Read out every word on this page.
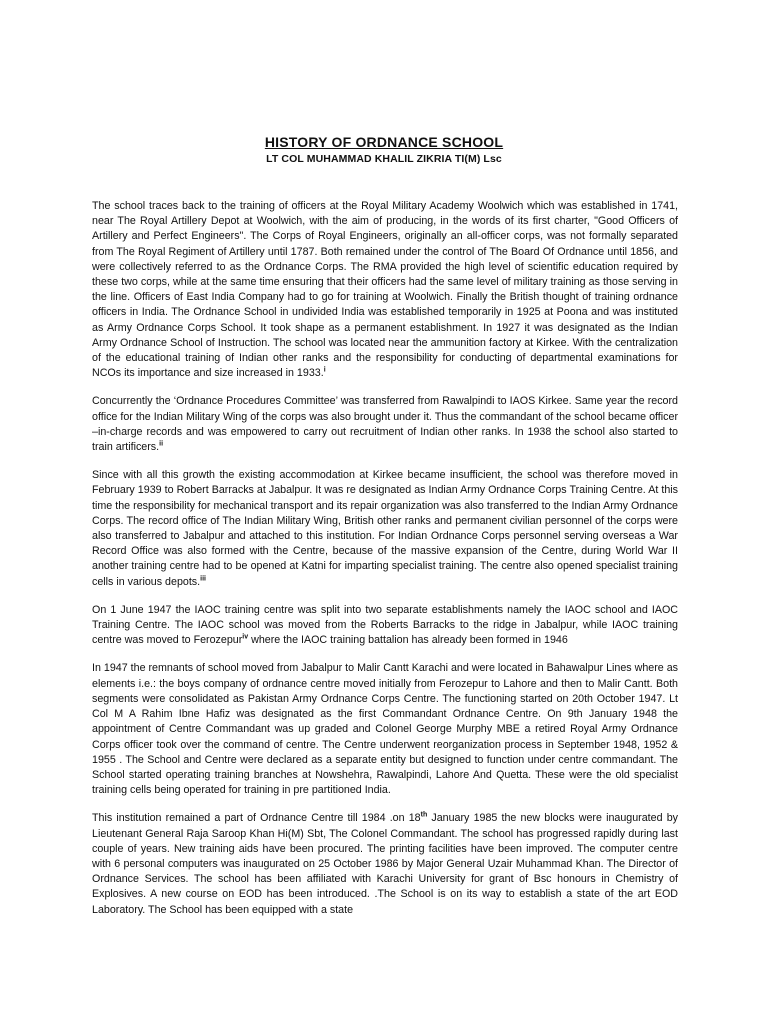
HISTORY OF ORDNANCE SCHOOL
LT COL MUHAMMAD KHALIL ZIKRIA TI(M) Lsc

The school traces back to the training of officers at the Royal Military Academy Woolwich which was established in 1741, near The Royal Artillery Depot at Woolwich, with the aim of producing, in the words of its first charter, "Good Officers of Artillery and Perfect Engineers". The Corps of Royal Engineers, originally an all-officer corps, was not formally separated from The Royal Regiment of Artillery until 1787. Both remained under the control of The Board Of Ordnance until 1856, and were collectively referred to as the Ordnance Corps. The RMA provided the high level of scientific education required by these two corps, while at the same time ensuring that their officers had the same level of military training as those serving in the line. Officers of East India Company had to go for training at Woolwich. Finally the British thought of training ordnance officers in India. The Ordnance School in undivided India was established temporarily in 1925 at Poona and was instituted as Army Ordnance Corps School. It took shape as a permanent establishment. In 1927 it was designated as the Indian Army Ordnance School of Instruction. The school was located near the ammunition factory at Kirkee. With the centralization of the educational training of Indian other ranks and the responsibility for conducting of departmental examinations for NCOs its importance and size increased in 1933.$^i$

Concurrently the ‘Ordnance Procedures Committee’ was transferred from Rawalpindi to IAOS Kirkee. Same year the record office for the Indian Military Wing of the corps was also brought under it. Thus the commandant of the school became officer –in-charge records and was empowered to carry out recruitment of Indian other ranks. In 1938 the school also started to train artificers.$^{ii}$

Since with all this growth the existing accommodation at Kirkee became insufficient, the school was therefore moved in February 1939 to Robert Barracks at Jabalpur. It was re designated as Indian Army Ordnance Corps Training Centre. At this time the responsibility for mechanical transport and its repair organization was also transferred to the Indian Army Ordnance Corps. The record office of The Indian Military Wing, British other ranks and permanent civilian personnel of the corps were also transferred to Jabalpur and attached to this institution. For Indian Ordnance Corps personnel serving overseas a War Record Office was also formed with the Centre, because of the massive expansion of the Centre, during World War II another training centre had to be opened at Katni for imparting specialist training. The centre also opened specialist training cells in various depots.$^{iii}$

On 1 June 1947 the IAOC training centre was split into two separate establishments namely the IAOC school and IAOC Training Centre. The IAOC school was moved from the Roberts Barracks to the ridge in Jabalpur, while IAOC training centre was moved to Ferozepur$^{iv}$ where the IAOC training battalion has already been formed in 1946

In 1947 the remnants of school moved from Jabalpur to Malir Cantt Karachi and were located in Bahawalpur Lines where as elements i.e.: the boys company of ordnance centre moved initially from Ferozepur to Lahore and then to Malir Cantt. Both segments were consolidated as Pakistan Army Ordnance Corps Centre. The functioning started on 20th October 1947. Lt Col M A Rahim Ibne Hafiz was designated as the first Commandant Ordnance Centre. On 9th January 1948 the appointment of Centre Commandant was up graded and Colonel George Murphy MBE a retired Royal Army Ordnance Corps officer took over the command of centre. The Centre underwent reorganization process in September 1948, 1952 & 1955 . The School and Centre were declared as a separate entity but designed to function under centre commandant. The School started operating training branches at Nowshehra, Rawalpindi, Lahore And Quetta. These were the old specialist training cells being operated for training in pre partitioned India.

This institution remained a part of Ordnance Centre till 1984 .on 18th January 1985 the new blocks were inaugurated by Lieutenant General Raja Saroop Khan Hi(M) Sbt, The Colonel Commandant. The school has progressed rapidly during last couple of years. New training aids have been procured. The printing facilities have been improved. The computer centre with 6 personal computers was inaugurated on 25 October 1986 by Major General Uzair Muhammad Khan. The Director of Ordnance Services. The school has been affiliated with Karachi University for grant of Bsc honours in Chemistry of Explosives. A new course on EOD has been introduced. .The School is on its way to establish a state of the art EOD Laboratory. The School has been equipped with a state
